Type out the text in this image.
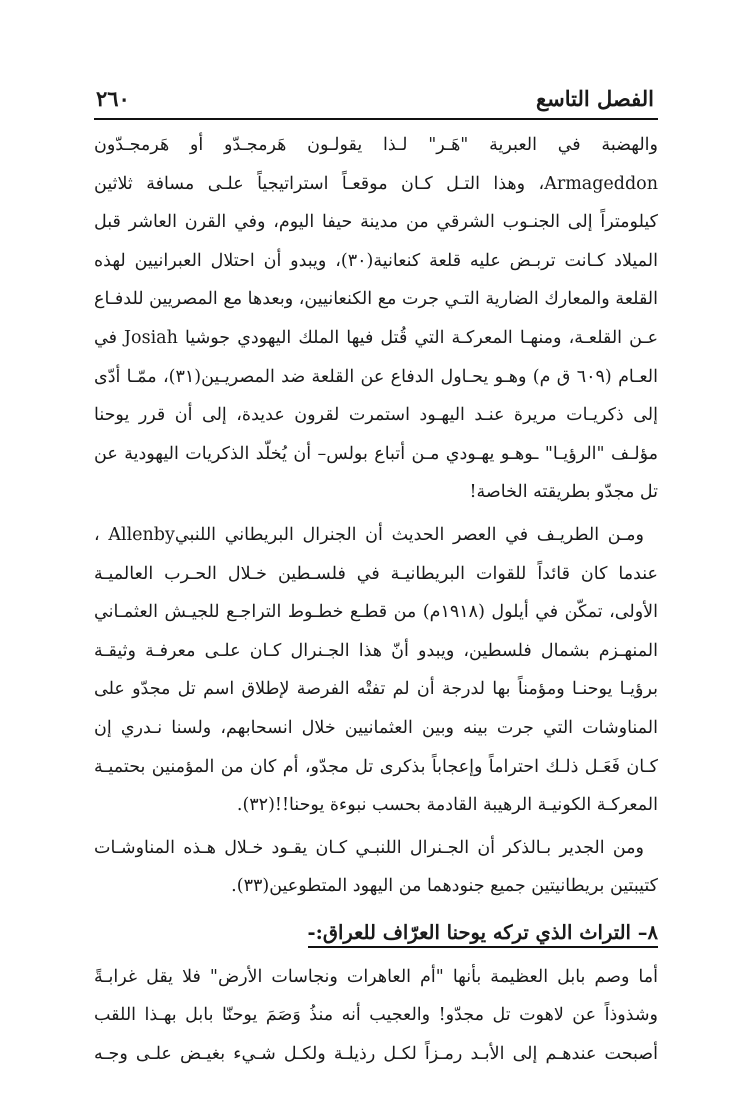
الفصل التاسع
٢٦٠

والهضبة في العبرية "هَـر" لـذا يقولـون هَرمجـدّو أو هَرمجـدّون Armageddon، وهذا التـل كـان موقعـاً استراتيجياً علـى مسافة ثلاثين كيلومتراً إلى الجنـوب الشرقي من مدينة حيفا اليوم، وفي القرن العاشر قبل الميلاد كـانت تربـض عليه قلعة كنعانية(٣٠)، ويبدو أن احتلال العبرانيين لهذه القلعة والمعارك الضارية التـي جرت مع الكنعانيين، وبعدها مع المصريين للدفـاع عـن القلعـة، ومنهـا المعركـة التي قُتل فيها الملك اليهودي جوشيا Josiah في العـام (٦٠٩ ق م) وهـو يحـاول الدفاع عن القلعة ضد المصريـين(٣١)، ممّـا أدّى إلى ذكريـات مريرة عنـد اليهـود استمرت لقرون عديدة، إلى أن قرر يوحنا مؤلـف "الرؤيـا" ـوهـو يهـودي مـن أتباع بولس– أن يُخلّد الذكريات اليهودية عن تل مجدّو بطريقته الخاصة!

ومـن الطريـف في العصر الحديث أن الجنرال البريطاني اللنبيAllenby ، عندما كان قائداً للقوات البريطانيـة في فلسـطين خـلال الحـرب العالميـة الأولى، تمكّن في أيلول (١٩١٨م) من قطـع خطـوط التراجـع للجيـش العثمـاني المنهـزم بشمال فلسطين، ويبدو أنّ هذا الجـنرال كـان علـى معرفـة وثيقـة برؤيـا يوحنـا ومؤمناً بها لدرجة أن لم تفتْه الفرصة لإطلاق اسم تل مجدّو على المناوشات التي جرت بينه وبين العثمانيين خلال انسحابهم، ولسنا نـدري إن كـان فَعَـل ذلـك احتراماً وإعجاباً بذكرى تل مجدّو، أم كان من المؤمنين بحتميـة المعركـة الكونيـة الرهيبة القادمة بحسب نبوءة يوحنا!!(٣٢).

ومن الجدير بـالذكر أن الجـنرال اللنبـي كـان يقـود خـلال هـذه المناوشـات كتيبتين بريطانيتين جميع جنودهما من اليهود المتطوعين(٣٣).

٨– التراث الذي تركه يوحنا العرّاف للعراق:-

أما وصم بابل العظيمة بأنها "أم العاهرات ونجاسات الأرض" فلا يقل غرابـةً وشذوذاً عن لاهوت تل مجدّو! والعجيب أنه منذُ وَصَمَ يوحنّا بابل بهـذا اللقب أصبحت عندهـم إلى الأبـد رمـزاً لكـل رذيلـة ولكـل شـيء بغيـض علـى وجـه
